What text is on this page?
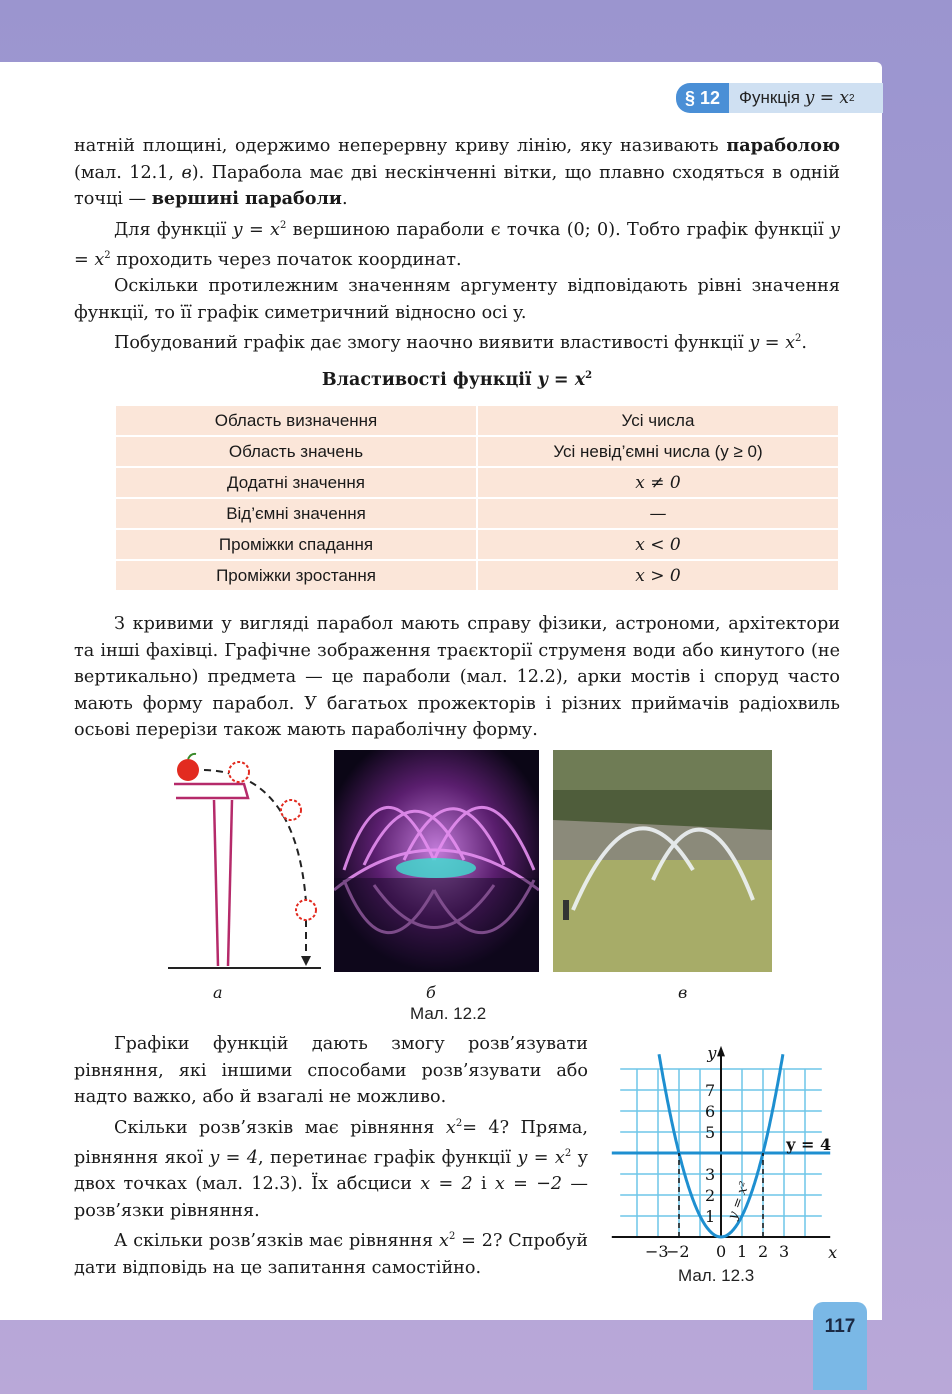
§ 12	Функція y = x 2

натній площині, одержимо неперервну криву лінію, яку називають параболою (мал. 12.1, в). Парабола має дві нескінченні вітки, що плавно сходяться в одній точці — вершині параболи.

Для функції $y = x^2$ вершиною параболи є точка (0; 0). Тобто графік функції $y = x^2$ проходить через початок координат.

Оскільки протилежним значенням аргументу відповідають рівні значення функції, то її графік симетричний відносно осі y.

Побудований графік дає змогу наочно виявити властивості функції $y = x^2$.

Властивості функції $y = x^2$
Область визначення	Усі числа
Область значень	Усі невід’ємні числа (y ≥ 0)
Додатні значення	x ≠ 0
Від’ємні значення	—
Проміжки спадання	x < 0
Проміжки зростання	x > 0

З кривими у вигляді парабол мають справу фізики, астрономи, архітектори та інші фахівці. Графічне зображення траєкторії струменя води або кинутого (не вертикально) предмета — це параболи (мал. 12.2), арки мостів і споруд часто мають форму парабол. У багатьох прожекторів і різних приймачів радіохвиль осьові перерізи також мають параболічну форму.

а	б	в
Мал. 12.2

Графіки функцій дають змогу розв’язувати рівняння, які іншими способами розв’язувати або надто важко, або й взагалі не можливо.

Скільки розв’язків має рівняння $x^2= 4$? Пряма, рівняння якої y = 4, перетинає графік функції $y = x^2$ у двох точках (мал. 12.3). Їх абсциси x = 2 і x = −2 — розв’язки рівняння.

А скільки розв’язків має рівняння $x^2 = 2$? Спробуй дати відповідь на це запитання самостійно.

−3
−2 0 1 2 3
1
2
3
5
6
7
x
y
y = 4
y = x²
Мал. 12.3
117
